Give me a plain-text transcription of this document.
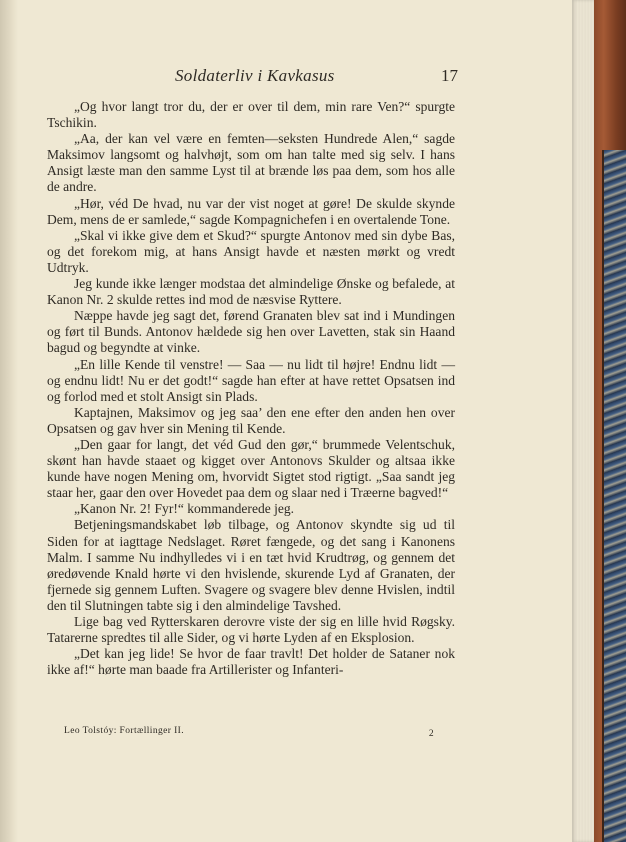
Soldaterliv i Kavkasus	17

„Og hvor langt tror du, der er over til dem, min rare Ven?“ spurgte Tschikin.

„Aa, der kan vel være en femten—seksten Hundrede Alen,“ sagde Maksimov langsomt og halvhøjt, som om han talte med sig selv. I hans Ansigt læste man den samme Lyst til at brænde løs paa dem, som hos alle de andre.

„Hør, véd De hvad, nu var der vist noget at gøre! De skulde skynde Dem, mens de er samlede,“ sagde Kompagnichefen i en overtalende Tone.

„Skal vi ikke give dem et Skud?“ spurgte Antonov med sin dybe Bas, og det forekom mig, at hans Ansigt havde et næsten mørkt og vredt Udtryk.

Jeg kunde ikke længer modstaa det almindelige Ønske og befalede, at Kanon Nr. 2 skulde rettes ind mod de næsvise Ryttere.

Næppe havde jeg sagt det, førend Granaten blev sat ind i Mundingen og ført til Bunds. Antonov hældede sig hen over Lavetten, stak sin Haand bagud og begyndte at vinke.

„En lille Kende til venstre! — Saa — nu lidt til højre! Endnu lidt — og endnu lidt! Nu er det godt!“ sagde han efter at have rettet Opsatsen ind og forlod med et stolt Ansigt sin Plads.

Kaptajnen, Maksimov og jeg saa’ den ene efter den anden hen over Opsatsen og gav hver sin Mening til Kende.

„Den gaar for langt, det véd Gud den gør,“ brummede Velentschuk, skønt han havde staaet og kigget over Antonovs Skulder og altsaa ikke kunde have nogen Mening om, hvorvidt Sigtet stod rigtigt. „Saa sandt jeg staar her, gaar den over Hovedet paa dem og slaar ned i Træerne bagved!“

„Kanon Nr. 2! Fyr!“ kommanderede jeg.

Betjeningsmandskabet løb tilbage, og Antonov skyndte sig ud til Siden for at iagttage Nedslaget. Røret fængede, og det sang i Kanonens Malm. I samme Nu indhylledes vi i en tæt hvid Krudtrøg, og gennem det øredøvende Knald hørte vi den hvislende, skurende Lyd af Granaten, der fjernede sig gennem Luften. Svagere og svagere blev denne Hvislen, indtil den til Slutningen tabte sig i den almindelige Tavshed.

Lige bag ved Rytterskaren derovre viste der sig en lille hvid Røgsky. Tatarerne spredtes til alle Sider, og vi hørte Lyden af en Eksplosion.

„Det kan jeg lide! Se hvor de faar travlt! Det holder de Sataner nok ikke af!“ hørte man baade fra Artillerister og Infanteri-

Leo Tolstóy: Fortællinger II.	2
